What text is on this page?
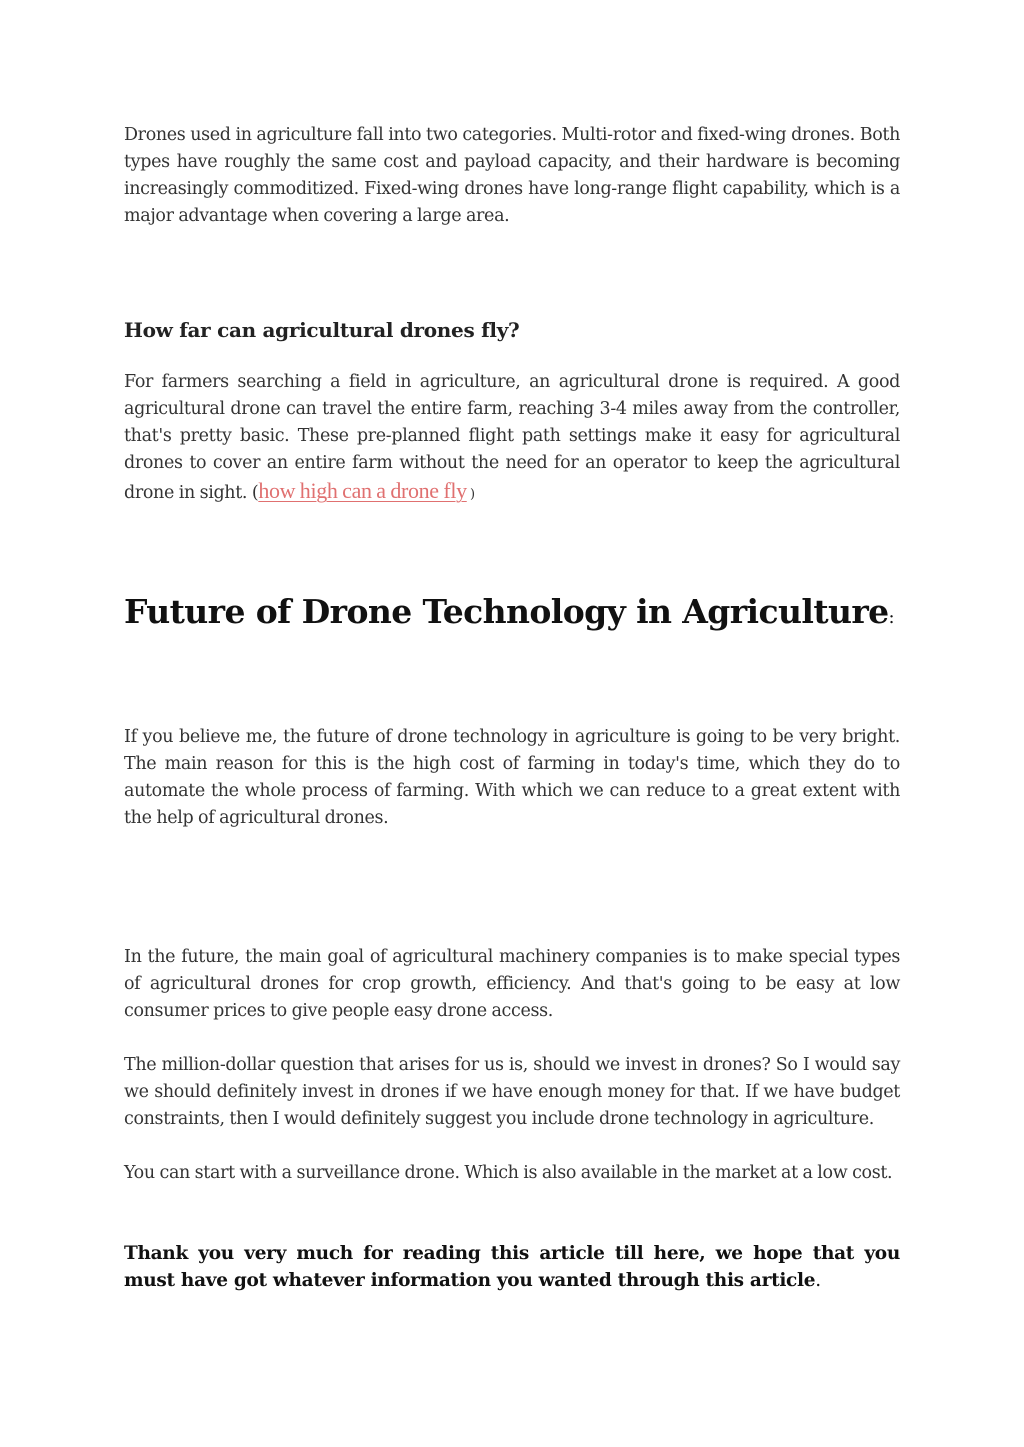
Drones used in agriculture fall into two categories. Multi-rotor and fixed-wing drones. Both types have roughly the same cost and payload capacity, and their hardware is becoming increasingly commoditized. Fixed-wing drones have long-range flight capability, which is a major advantage when covering a large area.

How far can agricultural drones fly?

For farmers searching a field in agriculture, an agricultural drone is required. A good agricultural drone can travel the entire farm, reaching 3-4 miles away from the controller, that's pretty basic. These pre-planned flight path settings make it easy for agricultural drones to cover an entire farm without the need for an operator to keep the agricultural drone in sight. (how high can a drone fly )

Future of Drone Technology in Agriculture:

If you believe me, the future of drone technology in agriculture is going to be very bright. The main reason for this is the high cost of farming in today's time, which they do to automate the whole process of farming. With which we can reduce to a great extent with the help of agricultural drones.

In the future, the main goal of agricultural machinery companies is to make special types of agricultural drones for crop growth, efficiency. And that's going to be easy at low consumer prices to give people easy drone access.

The million-dollar question that arises for us is, should we invest in drones? So I would say we should definitely invest in drones if we have enough money for that. If we have budget constraints, then I would definitely suggest you include drone technology in agriculture.

You can start with a surveillance drone. Which is also available in the market at a low cost.

Thank you very much for reading this article till here, we hope that you must have got whatever information you wanted through this article.
